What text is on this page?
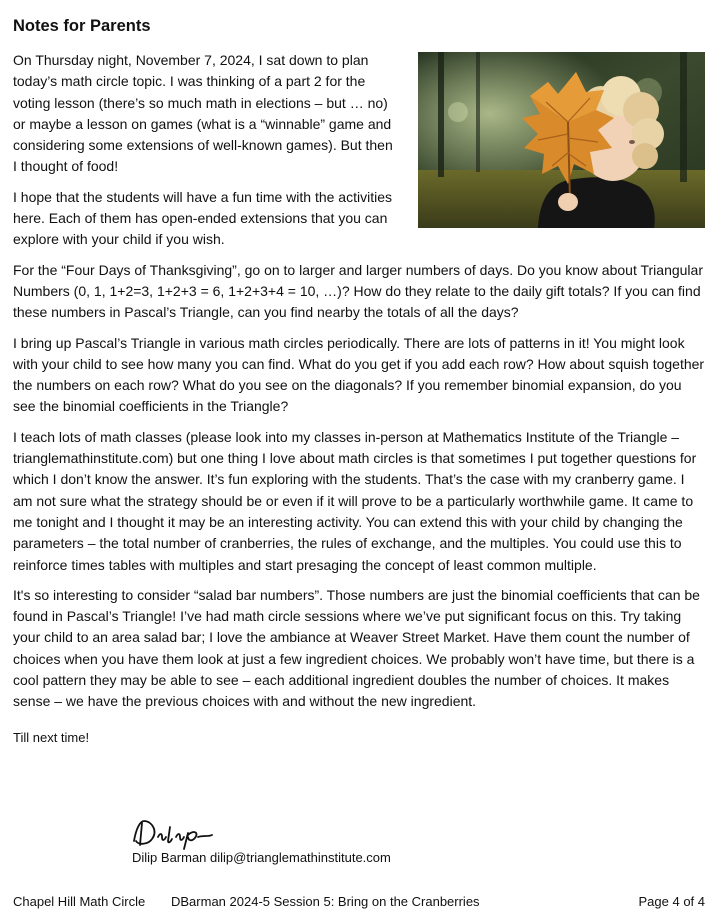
Notes for Parents

On Thursday night, November 7, 2024, I sat down to plan today’s math circle topic. I was thinking of a part 2 for the voting lesson (there’s so much math in elections – but … no) or maybe a lesson on games (what is a “winnable” game and considering some extensions of well-known games). But then I thought of food!

I hope that the students will have a fun time with the activities here. Each of them has open-ended extensions that you can explore with your child if you wish.

For the “Four Days of Thanksgiving”, go on to larger and larger numbers of days. Do you know about Triangular Numbers (0, 1, 1+2=3, 1+2+3 = 6, 1+2+3+4 = 10, …)? How do they relate to the daily gift totals? If you can find these numbers in Pascal’s Triangle, can you find nearby the totals of all the days?

I bring up Pascal’s Triangle in various math circles periodically. There are lots of patterns in it! You might look with your child to see how many you can find. What do you get if you add each row? How about squish together the numbers on each row? What do you see on the diagonals? If you remember binomial expansion, do you see the binomial coefficients in the Triangle?

I teach lots of math classes (please look into my classes in-person at Mathematics Institute of the Triangle – trianglemathinstitute.com) but one thing I love about math circles is that sometimes I put together questions for which I don’t know the answer. It’s fun exploring with the students. That’s the case with my cranberry game. I am not sure what the strategy should be or even if it will prove to be a particularly worthwhile game. It came to me tonight and I thought it may be an interesting activity. You can extend this with your child by changing the parameters – the total number of cranberries, the rules of exchange, and the multiples. You could use this to reinforce times tables with multiples and start presaging the concept of least common multiple.

It's so interesting to consider “salad bar numbers”. Those numbers are just the binomial coefficients that can be found in Pascal’s Triangle! I’ve had math circle sessions where we’ve put significant focus on this. Try taking your child to an area salad bar; I love the ambiance at Weaver Street Market. Have them count the number of choices when you have them look at just a few ingredient choices. We probably won’t have time, but there is a cool pattern they may be able to see – each additional ingredient doubles the number of choices. It makes sense – we have the previous choices with and without the new ingredient.

Till next time!

Dilip Barman dilip@trianglemathinstitute.com
Chapel Hill Math Circle DBarman 2024-5 Session 5: Bring on the Cranberries	Page 4 of 4
